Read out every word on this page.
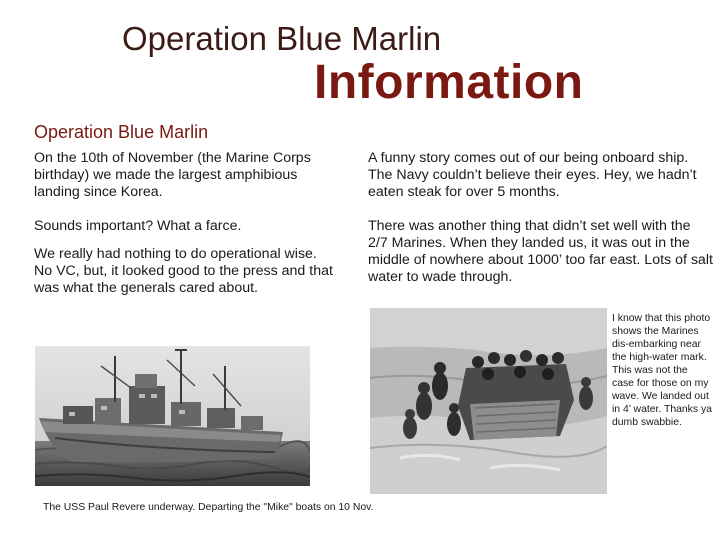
Operation Blue Marlin
Information
Operation Blue Marlin

On the 10th of November (the Marine Corps birthday) we made the largest amphibious landing since Korea.

Sounds important? What a farce.

We really had nothing to do operational wise. No VC, but, it looked good to the press and that was what the generals cared about.

A funny story comes out of our being onboard ship. The Navy couldn’t believe their eyes. Hey, we hadn’t eaten steak for over 5 months.

There was another thing that didn’t set well with the 2/7 Marines. When they landed us, it was out in the middle of nowhere about 1000’ too far east. Lots of salt water to wade through.

I know that this photo shows the Marines dis-embarking near the high-water mark. This was not the case for those on my wave. We landed out in 4’ water. Thanks ya dumb swabbie.
The USS Paul Revere underway. Departing the "Mike" boats on 10 Nov.
